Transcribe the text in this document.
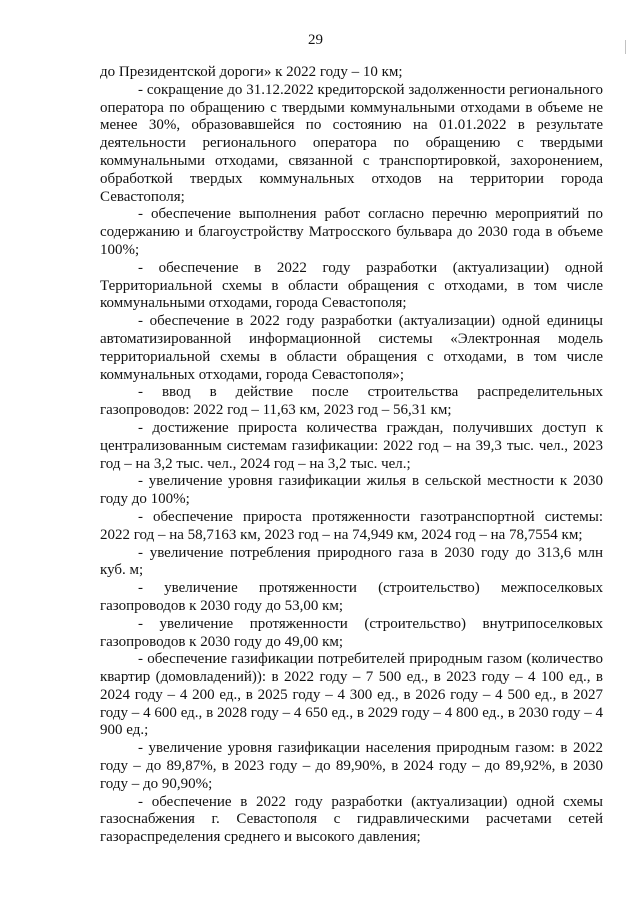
29

до Президентской дороги» к 2022 году – 10 км;

- сокращение до 31.12.2022 кредиторской задолженности регионального оператора по обращению с твердыми коммунальными отходами в объеме не менее 30%, образовавшейся по состоянию на 01.01.2022 в результате деятельности регионального оператора по обращению с твердыми коммунальными отходами, связанной с транспортировкой, захоронением, обработкой твердых коммунальных отходов на территории города Севастополя;

- обеспечение выполнения работ согласно перечню мероприятий по содержанию и благоустройству Матросского бульвара до 2030 года в объеме 100%;

- обеспечение в 2022 году разработки (актуализации) одной Территориальной схемы в области обращения с отходами, в том числе коммунальными отходами, города Севастополя;

- обеспечение в 2022 году разработки (актуализации) одной единицы автоматизированной информационной системы «Электронная модель территориальной схемы в области обращения с отходами, в том числе коммунальных отходами, города Севастополя»;

- ввод в действие после строительства распределительных газопроводов: 2022 год – 11,63 км, 2023 год – 56,31 км;

- достижение прироста количества граждан, получивших доступ к централизованным системам газификации: 2022 год – на 39,3 тыс. чел., 2023 год – на 3,2 тыс. чел., 2024 год – на 3,2 тыс. чел.;

- увеличение уровня газификации жилья в сельской местности к 2030 году до 100%;

- обеспечение прироста протяженности газотранспортной системы: 2022 год – на 58,7163 км, 2023 год – на 74,949 км, 2024 год – на 78,7554 км;

- увеличение потребления природного газа в 2030 году до 313,6 млн куб. м;

- увеличение протяженности (строительство) межпоселковых газопроводов к 2030 году до 53,00 км;

- увеличение протяженности (строительство) внутрипоселковых газопроводов к 2030 году до 49,00 км;

- обеспечение газификации потребителей природным газом (количество квартир (домовладений)): в 2022 году – 7 500 ед., в 2023 году – 4 100 ед., в 2024 году – 4 200 ед., в 2025 году – 4 300 ед., в 2026 году – 4 500 ед., в 2027 году – 4 600 ед., в 2028 году – 4 650 ед., в 2029 году – 4 800 ед., в 2030 году – 4 900 ед.;

- увеличение уровня газификации населения природным газом: в 2022 году – до 89,87%, в 2023 году – до 89,90%, в 2024 году – до 89,92%, в 2030 году – до 90,90%;

- обеспечение в 2022 году разработки (актуализации) одной схемы газоснабжения г. Севастополя с гидравлическими расчетами сетей газораспределения среднего и высокого давления;
